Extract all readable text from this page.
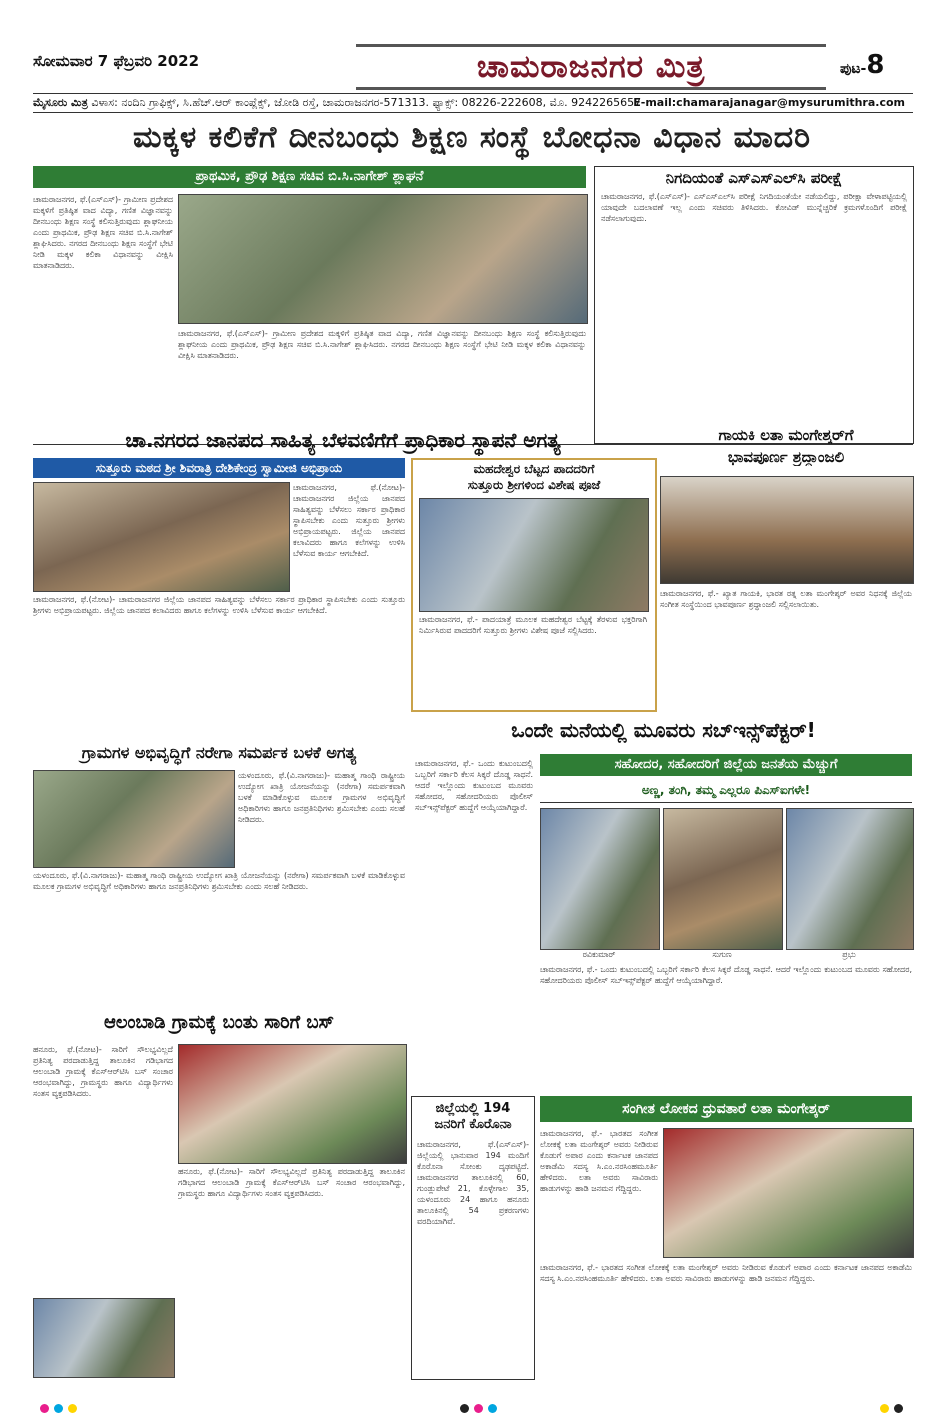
ಸೋಮವಾರ 7 ಫೆಬ್ರವರಿ 2022	ಚಾಮರಾಜನಗರ ಮಿತ್ರ	ಪುಟ-8
ಮೈಸೂರು ಮಿತ್ರ ವಿಳಾಸ: ನಂದಿನಿ ಗ್ರಾಫಿಕ್ಸ್, ಸಿ.ಹೆಚ್.ಆರ್ ಕಾಂಪ್ಲೆಕ್ಸ್, ಜೋಡಿ ರಸ್ತೆ, ಚಾಮರಾಜನಗರ-571313. ಫ್ಯಾಕ್ಸ್: 08226-222608, ಮೊ. 9242265657
E-mail:chamarajanagar@mysurumithra.com
ಮಕ್ಕಳ ಕಲಿಕೆಗೆ ದೀನಬಂಧು ಶಿಕ್ಷಣ ಸಂಸ್ಥೆ ಬೋಧನಾ ವಿಧಾನ ಮಾದರಿ
ಪ್ರಾಥಮಿಕ, ಪ್ರೌಢ ಶಿಕ್ಷಣ ಸಚಿವ ಬಿ.ಸಿ.ನಾಗೇಶ್ ಶ್ಲಾಘನೆ
ಚಾಮರಾಜನಗರ, ಫೆ.(ಎಸ್‌ಎಸ್)- ಗ್ರಾಮೀಣ ಪ್ರದೇಶದ ಮಕ್ಕಳಿಗೆ ಪ್ರತಿಷ್ಠಿತ ವಾದ ವಿದ್ಯಾ, ಗಣಿತ ವಿಜ್ಞಾನವನ್ನು ದೀನಬಂಧು ಶಿಕ್ಷಣ ಸಂಸ್ಥೆ ಕಲಿಸುತ್ತಿರುವುದು ಶ್ಲಾಘನೀಯ ಎಂದು ಪ್ರಾಥಮಿಕ, ಪ್ರೌಢ ಶಿಕ್ಷಣ ಸಚಿವ ಬಿ.ಸಿ.ನಾಗೇಶ್ ಶ್ಲಾಘಿಸಿದರು. ನಗರದ ದೀನಬಂಧು ಶಿಕ್ಷಣ ಸಂಸ್ಥೆಗೆ ಭೇಟಿ ನೀಡಿ ಮಕ್ಕಳ ಕಲಿಕಾ ವಿಧಾನವನ್ನು ವೀಕ್ಷಿಸಿ ಮಾತನಾಡಿದರು.
ಚಾಮರಾಜನಗರ, ಫೆ.(ಎಸ್‌ಎಸ್)- ಗ್ರಾಮೀಣ ಪ್ರದೇಶದ ಮಕ್ಕಳಿಗೆ ಪ್ರತಿಷ್ಠಿತ ವಾದ ವಿದ್ಯಾ, ಗಣಿತ ವಿಜ್ಞಾನವನ್ನು ದೀನಬಂಧು ಶಿಕ್ಷಣ ಸಂಸ್ಥೆ ಕಲಿಸುತ್ತಿರುವುದು ಶ್ಲಾಘನೀಯ ಎಂದು ಪ್ರಾಥಮಿಕ, ಪ್ರೌಢ ಶಿಕ್ಷಣ ಸಚಿವ ಬಿ.ಸಿ.ನಾಗೇಶ್ ಶ್ಲಾಘಿಸಿದರು. ನಗರದ ದೀನಬಂಧು ಶಿಕ್ಷಣ ಸಂಸ್ಥೆಗೆ ಭೇಟಿ ನೀಡಿ ಮಕ್ಕಳ ಕಲಿಕಾ ವಿಧಾನವನ್ನು ವೀಕ್ಷಿಸಿ ಮಾತನಾಡಿದರು.
ನಿಗದಿಯಂತೆ ಎಸ್‌ಎಸ್‌ಎಲ್‌ಸಿ ಪರೀಕ್ಷೆ
ಚಾಮರಾಜನಗರ, ಫೆ.(ಎಸ್‌ಎಸ್)- ಎಸ್‌ಎಸ್‌ಎಲ್‌ಸಿ ಪರೀಕ್ಷೆ ನಿಗದಿಯಂತೆಯೇ ನಡೆಯಲಿದ್ದು, ಪರೀಕ್ಷಾ ವೇಳಾಪಟ್ಟಿಯಲ್ಲಿ ಯಾವುದೇ ಬದಲಾವಣೆ ಇಲ್ಲ ಎಂದು ಸಚಿವರು ತಿಳಿಸಿದರು. ಕೋವಿಡ್ ಮುನ್ನೆಚ್ಚರಿಕೆ ಕ್ರಮಗಳೊಂದಿಗೆ ಪರೀಕ್ಷೆ ನಡೆಸಲಾಗುವುದು.
ಚಾ.ನಗರದ ಜಾನಪದ ಸಾಹಿತ್ಯ ಬೆಳವಣಿಗೆಗೆ ಪ್ರಾಧಿಕಾರ ಸ್ಥಾಪನೆ ಅಗತ್ಯ
ಸುತ್ತೂರು ಮಠದ ಶ್ರೀ ಶಿವರಾತ್ರಿ ದೇಶಿಕೇಂದ್ರ ಸ್ವಾಮೀಜಿ ಅಭಿಪ್ರಾಯ
ಚಾಮರಾಜನಗರ, ಫೆ.(ನೋಟ)- ಚಾಮರಾಜನಗರ ಜಿಲ್ಲೆಯ ಜಾನಪದ ಸಾಹಿತ್ಯವನ್ನು ಬೆಳೆಸಲು ಸರ್ಕಾರ ಪ್ರಾಧಿಕಾರ ಸ್ಥಾಪಿಸಬೇಕು ಎಂದು ಸುತ್ತೂರು ಶ್ರೀಗಳು ಅಭಿಪ್ರಾಯಪಟ್ಟರು. ಜಿಲ್ಲೆಯ ಜಾನಪದ ಕಲಾವಿದರು ಹಾಗೂ ಕಲೆಗಳನ್ನು ಉಳಿಸಿ ಬೆಳೆಸುವ ಕಾರ್ಯ ಆಗಬೇಕಿದೆ.
ಚಾಮರಾಜನಗರ, ಫೆ.(ನೋಟ)- ಚಾಮರಾಜನಗರ ಜಿಲ್ಲೆಯ ಜಾನಪದ ಸಾಹಿತ್ಯವನ್ನು ಬೆಳೆಸಲು ಸರ್ಕಾರ ಪ್ರಾಧಿಕಾರ ಸ್ಥಾಪಿಸಬೇಕು ಎಂದು ಸುತ್ತೂರು ಶ್ರೀಗಳು ಅಭಿಪ್ರಾಯಪಟ್ಟರು. ಜಿಲ್ಲೆಯ ಜಾನಪದ ಕಲಾವಿದರು ಹಾಗೂ ಕಲೆಗಳನ್ನು ಉಳಿಸಿ ಬೆಳೆಸುವ ಕಾರ್ಯ ಆಗಬೇಕಿದೆ.
ಮಹದೇಶ್ವರ ಬೆಟ್ಟದ ಪಾದದರಿಗೆ
ಸುತ್ತೂರು ಶ್ರೀಗಳಿಂದ ವಿಶೇಷ ಪೂಜೆ
ಚಾಮರಾಜನಗರ, ಫೆ.- ಪಾದಯಾತ್ರೆ ಮೂಲಕ ಮಹದೇಶ್ವರ ಬೆಟ್ಟಕ್ಕೆ ತೆರಳುವ ಭಕ್ತರಿಗಾಗಿ ನಿರ್ಮಿಸಿರುವ ಪಾದದರಿಗೆ ಸುತ್ತೂರು ಶ್ರೀಗಳು ವಿಶೇಷ ಪೂಜೆ ಸಲ್ಲಿಸಿದರು.
ಗಾಯಕಿ ಲತಾ ಮಂಗೇಶ್ಕರ್‌ಗೆ
ಭಾವಪೂರ್ಣ ಶ್ರದ್ಧಾಂಜಲಿ
ಚಾಮರಾಜನಗರ, ಫೆ.- ಖ್ಯಾತ ಗಾಯಕಿ, ಭಾರತ ರತ್ನ ಲತಾ ಮಂಗೇಶ್ಕರ್ ಅವರ ನಿಧನಕ್ಕೆ ಜಿಲ್ಲೆಯ ಸಂಗೀತ ಸಂಸ್ಥೆಯಿಂದ ಭಾವಪೂರ್ಣ ಶ್ರದ್ಧಾಂಜಲಿ ಸಲ್ಲಿಸಲಾಯಿತು.
ಒಂದೇ ಮನೆಯಲ್ಲಿ ಮೂವರು ಸಬ್‌ಇನ್ಸ್‌ಪೆಕ್ಟರ್!
ಸಹೋದರ, ಸಹೋದರಿಗೆ ಜಿಲ್ಲೆಯ ಜನತೆಯ ಮೆಚ್ಚುಗೆ
ಅಣ್ಣ, ತಂಗಿ, ತಮ್ಮ ಎಲ್ಲರೂ ಪಿಎಸ್‌ಐಗಳೇ!
ಚಾಮರಾಜನಗರ, ಫೆ.- ಒಂದು ಕುಟುಂಬದಲ್ಲಿ ಒಬ್ಬರಿಗೆ ಸರ್ಕಾರಿ ಕೆಲಸ ಸಿಕ್ಕರೆ ದೊಡ್ಡ ಸಾಧನೆ. ಆದರೆ ಇಲ್ಲೊಂದು ಕುಟುಂಬದ ಮೂವರು ಸಹೋದರ, ಸಹೋದರಿಯರು ಪೊಲೀಸ್ ಸಬ್‌ಇನ್ಸ್‌ಪೆಕ್ಟರ್ ಹುದ್ದೆಗೆ ಆಯ್ಕೆಯಾಗಿದ್ದಾರೆ.
ರವಿಕುಮಾರ್	ಸುಗುಣ	ಪ್ರಭು
ಚಾಮರಾಜನಗರ, ಫೆ.- ಒಂದು ಕುಟುಂಬದಲ್ಲಿ ಒಬ್ಬರಿಗೆ ಸರ್ಕಾರಿ ಕೆಲಸ ಸಿಕ್ಕರೆ ದೊಡ್ಡ ಸಾಧನೆ. ಆದರೆ ಇಲ್ಲೊಂದು ಕುಟುಂಬದ ಮೂವರು ಸಹೋದರ, ಸಹೋದರಿಯರು ಪೊಲೀಸ್ ಸಬ್‌ಇನ್ಸ್‌ಪೆಕ್ಟರ್ ಹುದ್ದೆಗೆ ಆಯ್ಕೆಯಾಗಿದ್ದಾರೆ.
ಗ್ರಾಮಗಳ ಅಭಿವೃದ್ಧಿಗೆ ನರೇಗಾ ಸಮರ್ಪಕ ಬಳಕೆ ಅಗತ್ಯ
ಯಳಂದೂರು, ಫೆ.(ವಿ.ನಾಗರಾಜು)- ಮಹಾತ್ಮ ಗಾಂಧಿ ರಾಷ್ಟ್ರೀಯ ಉದ್ಯೋಗ ಖಾತ್ರಿ ಯೋಜನೆಯನ್ನು (ನರೇಗಾ) ಸಮರ್ಪಕವಾಗಿ ಬಳಕೆ ಮಾಡಿಕೊಳ್ಳುವ ಮೂಲಕ ಗ್ರಾಮಗಳ ಅಭಿವೃದ್ಧಿಗೆ ಅಧಿಕಾರಿಗಳು ಹಾಗೂ ಜನಪ್ರತಿನಿಧಿಗಳು ಶ್ರಮಿಸಬೇಕು ಎಂದು ಸಲಹೆ ನೀಡಿದರು.
ಯಳಂದೂರು, ಫೆ.(ವಿ.ನಾಗರಾಜು)- ಮಹಾತ್ಮ ಗಾಂಧಿ ರಾಷ್ಟ್ರೀಯ ಉದ್ಯೋಗ ಖಾತ್ರಿ ಯೋಜನೆಯನ್ನು (ನರೇಗಾ) ಸಮರ್ಪಕವಾಗಿ ಬಳಕೆ ಮಾಡಿಕೊಳ್ಳುವ ಮೂಲಕ ಗ್ರಾಮಗಳ ಅಭಿವೃದ್ಧಿಗೆ ಅಧಿಕಾರಿಗಳು ಹಾಗೂ ಜನಪ್ರತಿನಿಧಿಗಳು ಶ್ರಮಿಸಬೇಕು ಎಂದು ಸಲಹೆ ನೀಡಿದರು.
ಆಲಂಬಾಡಿ ಗ್ರಾಮಕ್ಕೆ ಬಂತು ಸಾರಿಗೆ ಬಸ್
ಹನೂರು, ಫೆ.(ನೋಟ)- ಸಾರಿಗೆ ಸೌಲಭ್ಯವಿಲ್ಲದೆ ಪ್ರತಿನಿತ್ಯ ಪರದಾಡುತ್ತಿದ್ದ ತಾಲೂಕಿನ ಗಡಿಭಾಗದ ಆಲಂಬಾಡಿ ಗ್ರಾಮಕ್ಕೆ ಕೆಎಸ್‌ಆರ್‌ಟಿಸಿ ಬಸ್ ಸಂಚಾರ ಆರಂಭವಾಗಿದ್ದು, ಗ್ರಾಮಸ್ಥರು ಹಾಗೂ ವಿದ್ಯಾರ್ಥಿಗಳು ಸಂತಸ ವ್ಯಕ್ತಪಡಿಸಿದರು.
ಹನೂರು, ಫೆ.(ನೋಟ)- ಸಾರಿಗೆ ಸೌಲಭ್ಯವಿಲ್ಲದೆ ಪ್ರತಿನಿತ್ಯ ಪರದಾಡುತ್ತಿದ್ದ ತಾಲೂಕಿನ ಗಡಿಭಾಗದ ಆಲಂಬಾಡಿ ಗ್ರಾಮಕ್ಕೆ ಕೆಎಸ್‌ಆರ್‌ಟಿಸಿ ಬಸ್ ಸಂಚಾರ ಆರಂಭವಾಗಿದ್ದು, ಗ್ರಾಮಸ್ಥರು ಹಾಗೂ ವಿದ್ಯಾರ್ಥಿಗಳು ಸಂತಸ ವ್ಯಕ್ತಪಡಿಸಿದರು.
ಜಿಲ್ಲೆಯಲ್ಲಿ 194
ಜನರಿಗೆ ಕೊರೊನಾ
ಚಾಮರಾಜನಗರ, ಫೆ.(ಎಸ್‌ಎಸ್)- ಜಿಲ್ಲೆಯಲ್ಲಿ ಭಾನುವಾರ 194 ಮಂದಿಗೆ ಕೊರೊನಾ ಸೋಂಕು ದೃಢಪಟ್ಟಿದೆ. ಚಾಮರಾಜನಗರ ತಾಲೂಕಿನಲ್ಲಿ 60, ಗುಂಡ್ಲುಪೇಟೆ 21, ಕೊಳ್ಳೇಗಾಲ 35, ಯಳಂದೂರು 24 ಹಾಗೂ ಹನೂರು ತಾಲೂಕಿನಲ್ಲಿ 54 ಪ್ರಕರಣಗಳು ವರದಿಯಾಗಿವೆ.
ಸಂಗೀತ ಲೋಕದ ಧ್ರುವತಾರೆ ಲತಾ ಮಂಗೇಶ್ಕರ್
ಚಾಮರಾಜನಗರ, ಫೆ.- ಭಾರತದ ಸಂಗೀತ ಲೋಕಕ್ಕೆ ಲತಾ ಮಂಗೇಶ್ಕರ್ ಅವರು ನೀಡಿರುವ ಕೊಡುಗೆ ಅಪಾರ ಎಂದು ಕರ್ನಾಟಕ ಜಾನಪದ ಅಕಾಡೆಮಿ ಸದಸ್ಯ ಸಿ.ಎಂ.ನರಸಿಂಹಮೂರ್ತಿ ಹೇಳಿದರು. ಲತಾ ಅವರು ಸಾವಿರಾರು ಹಾಡುಗಳನ್ನು ಹಾಡಿ ಜನಮನ ಗೆದ್ದಿದ್ದರು.
ಚಾಮರಾಜನಗರ, ಫೆ.- ಭಾರತದ ಸಂಗೀತ ಲೋಕಕ್ಕೆ ಲತಾ ಮಂಗೇಶ್ಕರ್ ಅವರು ನೀಡಿರುವ ಕೊಡುಗೆ ಅಪಾರ ಎಂದು ಕರ್ನಾಟಕ ಜಾನಪದ ಅಕಾಡೆಮಿ ಸದಸ್ಯ ಸಿ.ಎಂ.ನರಸಿಂಹಮೂರ್ತಿ ಹೇಳಿದರು. ಲತಾ ಅವರು ಸಾವಿರಾರು ಹಾಡುಗಳನ್ನು ಹಾಡಿ ಜನಮನ ಗೆದ್ದಿದ್ದರು.
